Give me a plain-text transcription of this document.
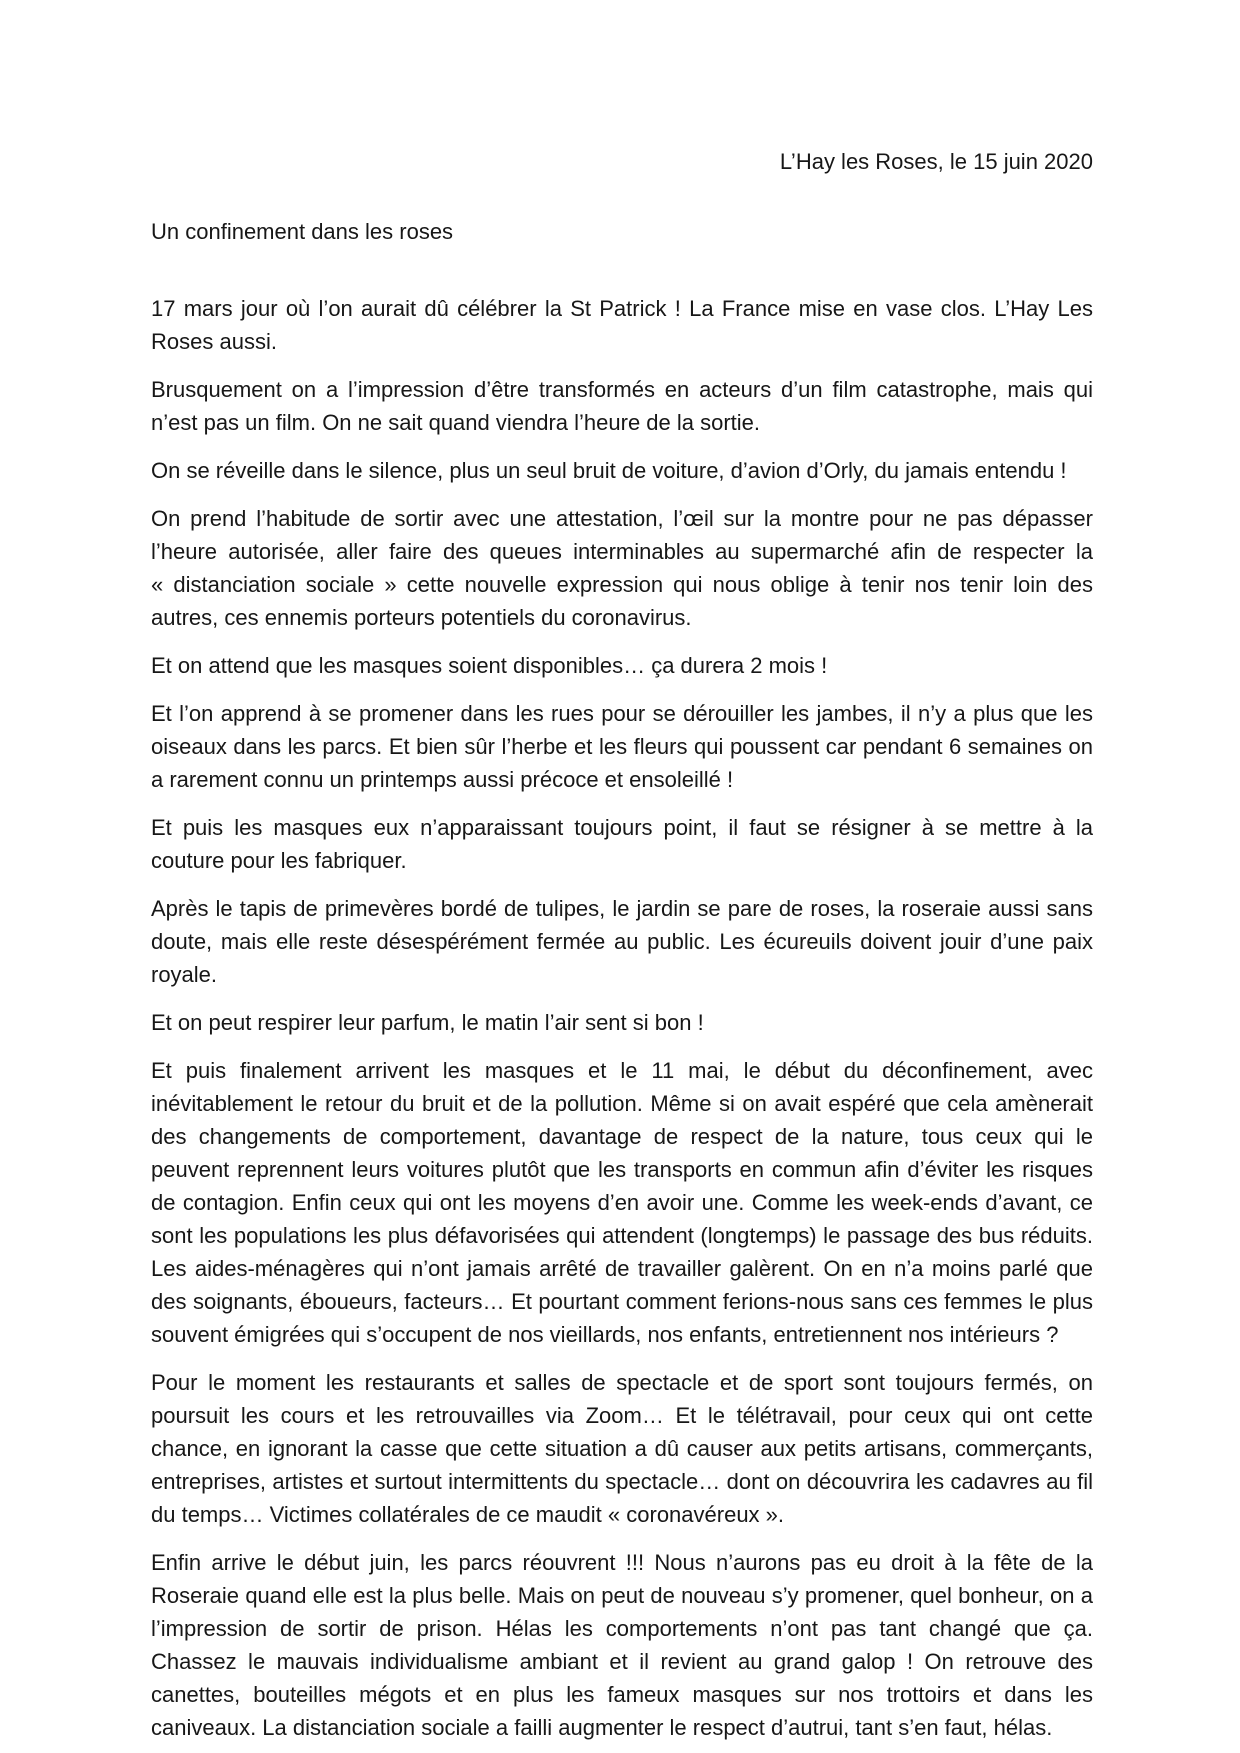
L’Hay les Roses, le 15 juin 2020
Un confinement dans les roses

17 mars jour où l’on aurait dû célébrer la St Patrick ! La France mise en vase clos. L’Hay Les Roses aussi.

Brusquement on a l’impression d’être transformés en acteurs d’un film catastrophe, mais qui n’est pas un film. On ne sait quand viendra l’heure de la sortie.

On se réveille dans le silence, plus un seul bruit de voiture, d’avion d’Orly, du jamais entendu !

On prend l’habitude de sortir avec une attestation, l’œil sur la montre pour ne pas dépasser l’heure autorisée, aller faire des queues interminables au supermarché afin de respecter la « distanciation sociale » cette nouvelle expression qui nous oblige à tenir nos tenir loin des autres, ces ennemis porteurs potentiels du coronavirus.

Et on attend que les masques soient disponibles… ça durera 2 mois !

Et l’on apprend à se promener dans les rues pour se dérouiller les jambes, il n’y a plus que les oiseaux dans les parcs. Et bien sûr l’herbe et les fleurs qui poussent car pendant 6 semaines on a rarement connu un printemps aussi précoce et ensoleillé !

Et puis les masques eux n’apparaissant toujours point, il faut se résigner à se mettre à la couture pour les fabriquer.

Après le tapis de primevères bordé de tulipes, le jardin se pare de roses, la roseraie aussi sans doute, mais elle reste désespérément fermée au public. Les écureuils doivent jouir d’une paix royale.

Et on peut respirer leur parfum, le matin l’air sent si bon !

Et puis finalement arrivent les masques et le 11 mai, le début du déconfinement, avec inévitablement le retour du bruit et de la pollution. Même si on avait espéré que cela amènerait des changements de comportement, davantage de respect de la nature, tous ceux qui le peuvent reprennent leurs voitures plutôt que les transports en commun afin d’éviter les risques de contagion. Enfin ceux qui ont les moyens d’en avoir une. Comme les week-ends d’avant, ce sont les populations les plus défavorisées qui attendent (longtemps) le passage des bus réduits. Les aides-ménagères qui n’ont jamais arrêté de travailler galèrent. On en n’a moins parlé que des soignants, éboueurs, facteurs… Et pourtant comment ferions-nous sans ces femmes le plus souvent émigrées qui s’occupent de nos vieillards, nos enfants, entretiennent nos intérieurs ?

Pour le moment les restaurants et salles de spectacle et de sport sont toujours fermés, on poursuit les cours et les retrouvailles via Zoom… Et le télétravail, pour ceux qui ont cette chance, en ignorant la casse que cette situation a dû causer aux petits artisans, commerçants, entreprises, artistes et surtout intermittents du spectacle… dont on découvrira les cadavres au fil du temps… Victimes collatérales de ce maudit « coronavéreux ».

Enfin arrive le début juin, les parcs réouvrent !!! Nous n’aurons pas eu droit à la fête de la Roseraie quand elle est la plus belle. Mais on peut de nouveau s’y promener, quel bonheur, on a l’impression de sortir de prison. Hélas les comportements n’ont pas tant changé que ça. Chassez le mauvais individualisme ambiant et il revient au grand galop ! On retrouve des canettes, bouteilles mégots et en plus les fameux masques sur nos trottoirs et dans les caniveaux. La distanciation sociale a failli augmenter le respect d’autrui, tant s’en faut, hélas.
